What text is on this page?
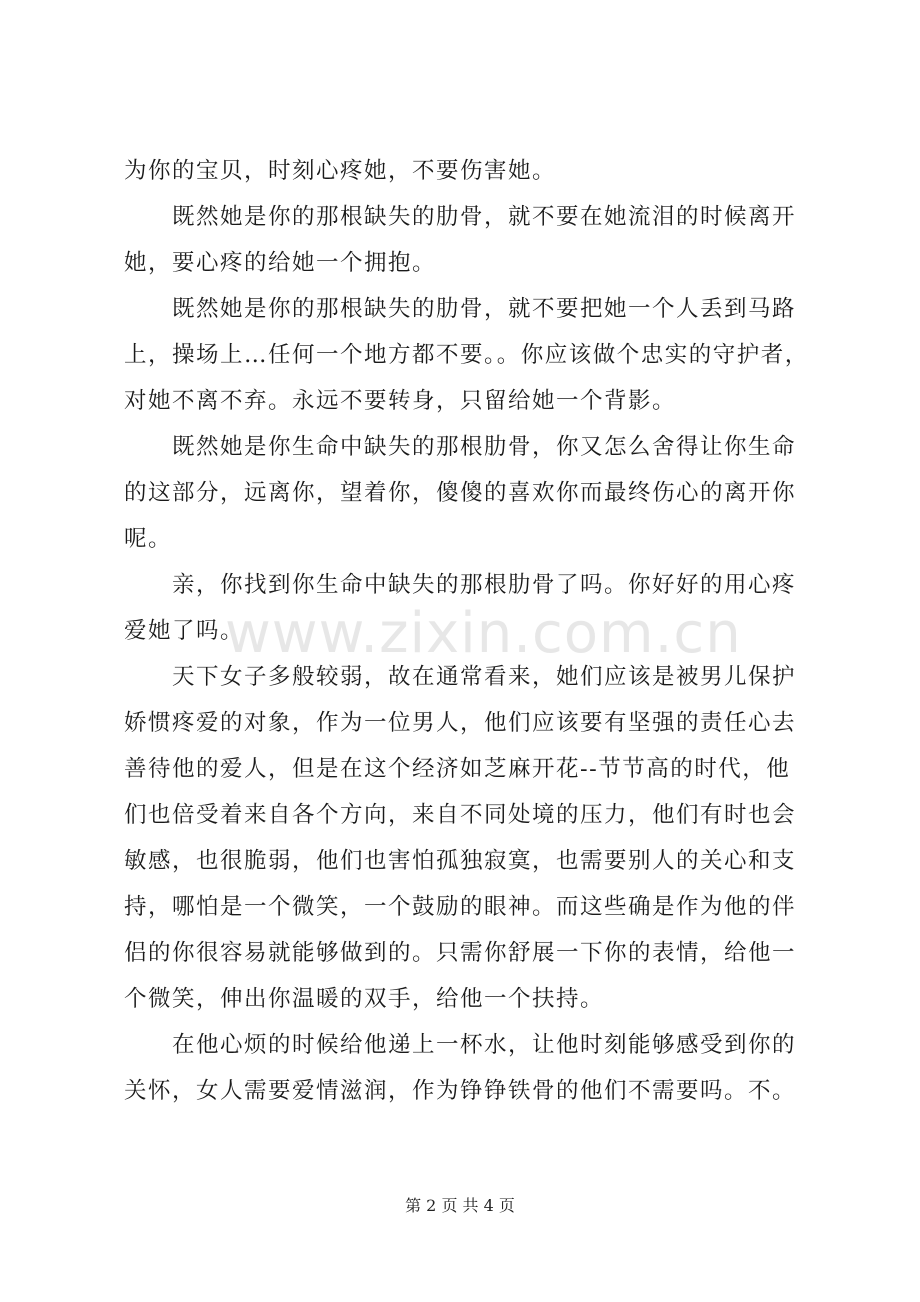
为你的宝贝，时刻心疼她，不要伤害她。
既然她是你的那根缺失的肋骨，就不要在她流泪的时候离开
她，要心疼的给她一个拥抱。
既然她是你的那根缺失的肋骨，就不要把她一个人丢到马路
上，操场上…任何一个地方都不要。。你应该做个忠实的守护者，
对她不离不弃。永远不要转身，只留给她一个背影。
既然她是你生命中缺失的那根肋骨，你又怎么舍得让你生命
的这部分，远离你，望着你，傻傻的喜欢你而最终伤心的离开你
呢。
亲，你找到你生命中缺失的那根肋骨了吗。你好好的用心疼
爱她了吗。
天下女子多般较弱，故在通常看来，她们应该是被男儿保护
娇惯疼爱的对象，作为一位男人，他们应该要有坚强的责任心去
善待他的爱人，但是在这个经济如芝麻开花--节节高的时代，他
们也倍受着来自各个方向，来自不同处境的压力，他们有时也会
敏感，也很脆弱，他们也害怕孤独寂寞，也需要别人的关心和支
持，哪怕是一个微笑，一个鼓励的眼神。而这些确是作为他的伴
侣的你很容易就能够做到的。只需你舒展一下你的表情，给他一
个微笑，伸出你温暖的双手，给他一个扶持。
在他心烦的时候给他递上一杯水，让他时刻能够感受到你的
关怀，女人需要爱情滋润，作为铮铮铁骨的他们不需要吗。不。
www.zixin.com.cn
第 2 页 共 4 页
